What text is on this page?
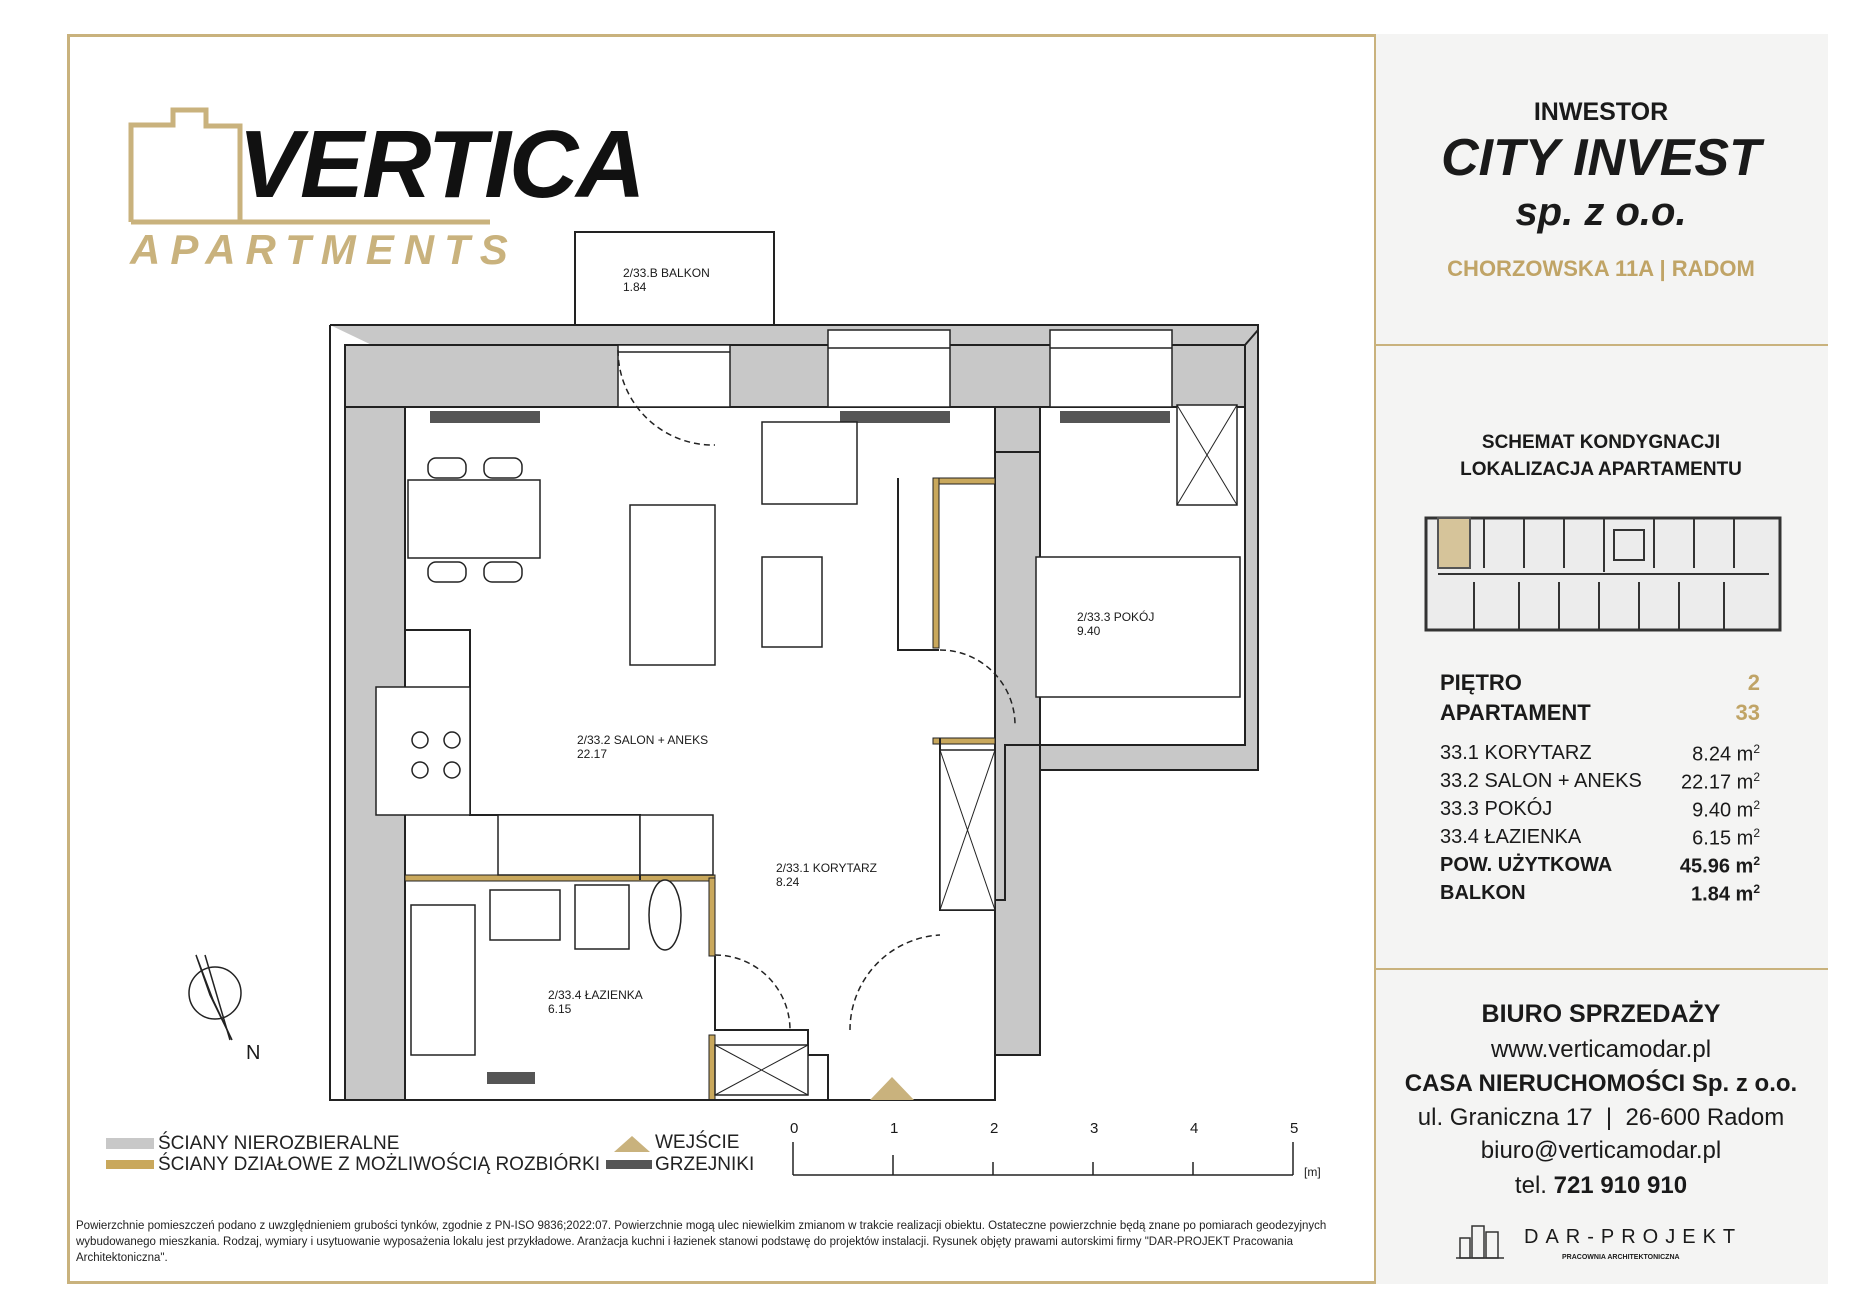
VERTICA
APARTMENTS
INWESTOR
CITY INVEST
sp. z o.o.
CHORZOWSKA 11A | RADOM
SCHEMAT KONDYGNACJI
LOKALIZACJA APARTAMENTU
PIĘTRO	2
APARTAMENT	33
33.1 KORYTARZ	8.24 $m^2$
33.2 SALON + ANEKS 22.17 $m^2$
33.3 POKÓJ	9.40 $m^2$
33.4 ŁAZIENKA	6.15 $m^2$
POW. UŻYTKOWA	45.96 $m^2$
BALKON	1.84 $m^2$
BIURO SPRZEDAŻY
www.verticamodar.pl
CASA NIERUCHOMOŚCI Sp. z o.o.
ul. Graniczna 17  |  26-600 Radom
biuro@verticamodar.pl
tel. 721 910 910
DAR-PROJEKT
PRACOWNIA ARCHITEKTONICZNA
2/33.B BALKON
1.84
2/33.3 POKÓJ
9.40
2/33.2 SALON + ANEKS
22.17
2/33.1 KORYTARZ
8.24
2/33.4 ŁAZIENKA
6.15
ŚCIANY NIEROZBIERALNE
ŚCIANY DZIAŁOWE Z MOŻLIWOŚCIĄ ROZBIÓRKI
WEJŚCIE
GRZEJNIKI
0	1	2	3	4	5
[m]
N
Powierzchnie pomieszczeń podano z uwzględnieniem grubości tynków, zgodnie z PN-ISO 9836;2022:07. Powierzchnie mogą ulec niewielkim zmianom w trakcie realizacji obiektu. Ostateczne powierzchnie będą znane po pomiarach geodezyjnych wybudowanego mieszkania. Rodzaj, wymiary i usytuowanie wyposażenia lokalu jest przykładowe. Aranżacja kuchni i łazienek stanowi podstawę do projektów instalacji. Rysunek objęty prawami autorskimi firmy "DAR-PROJEKT Pracowania Architektoniczna".
